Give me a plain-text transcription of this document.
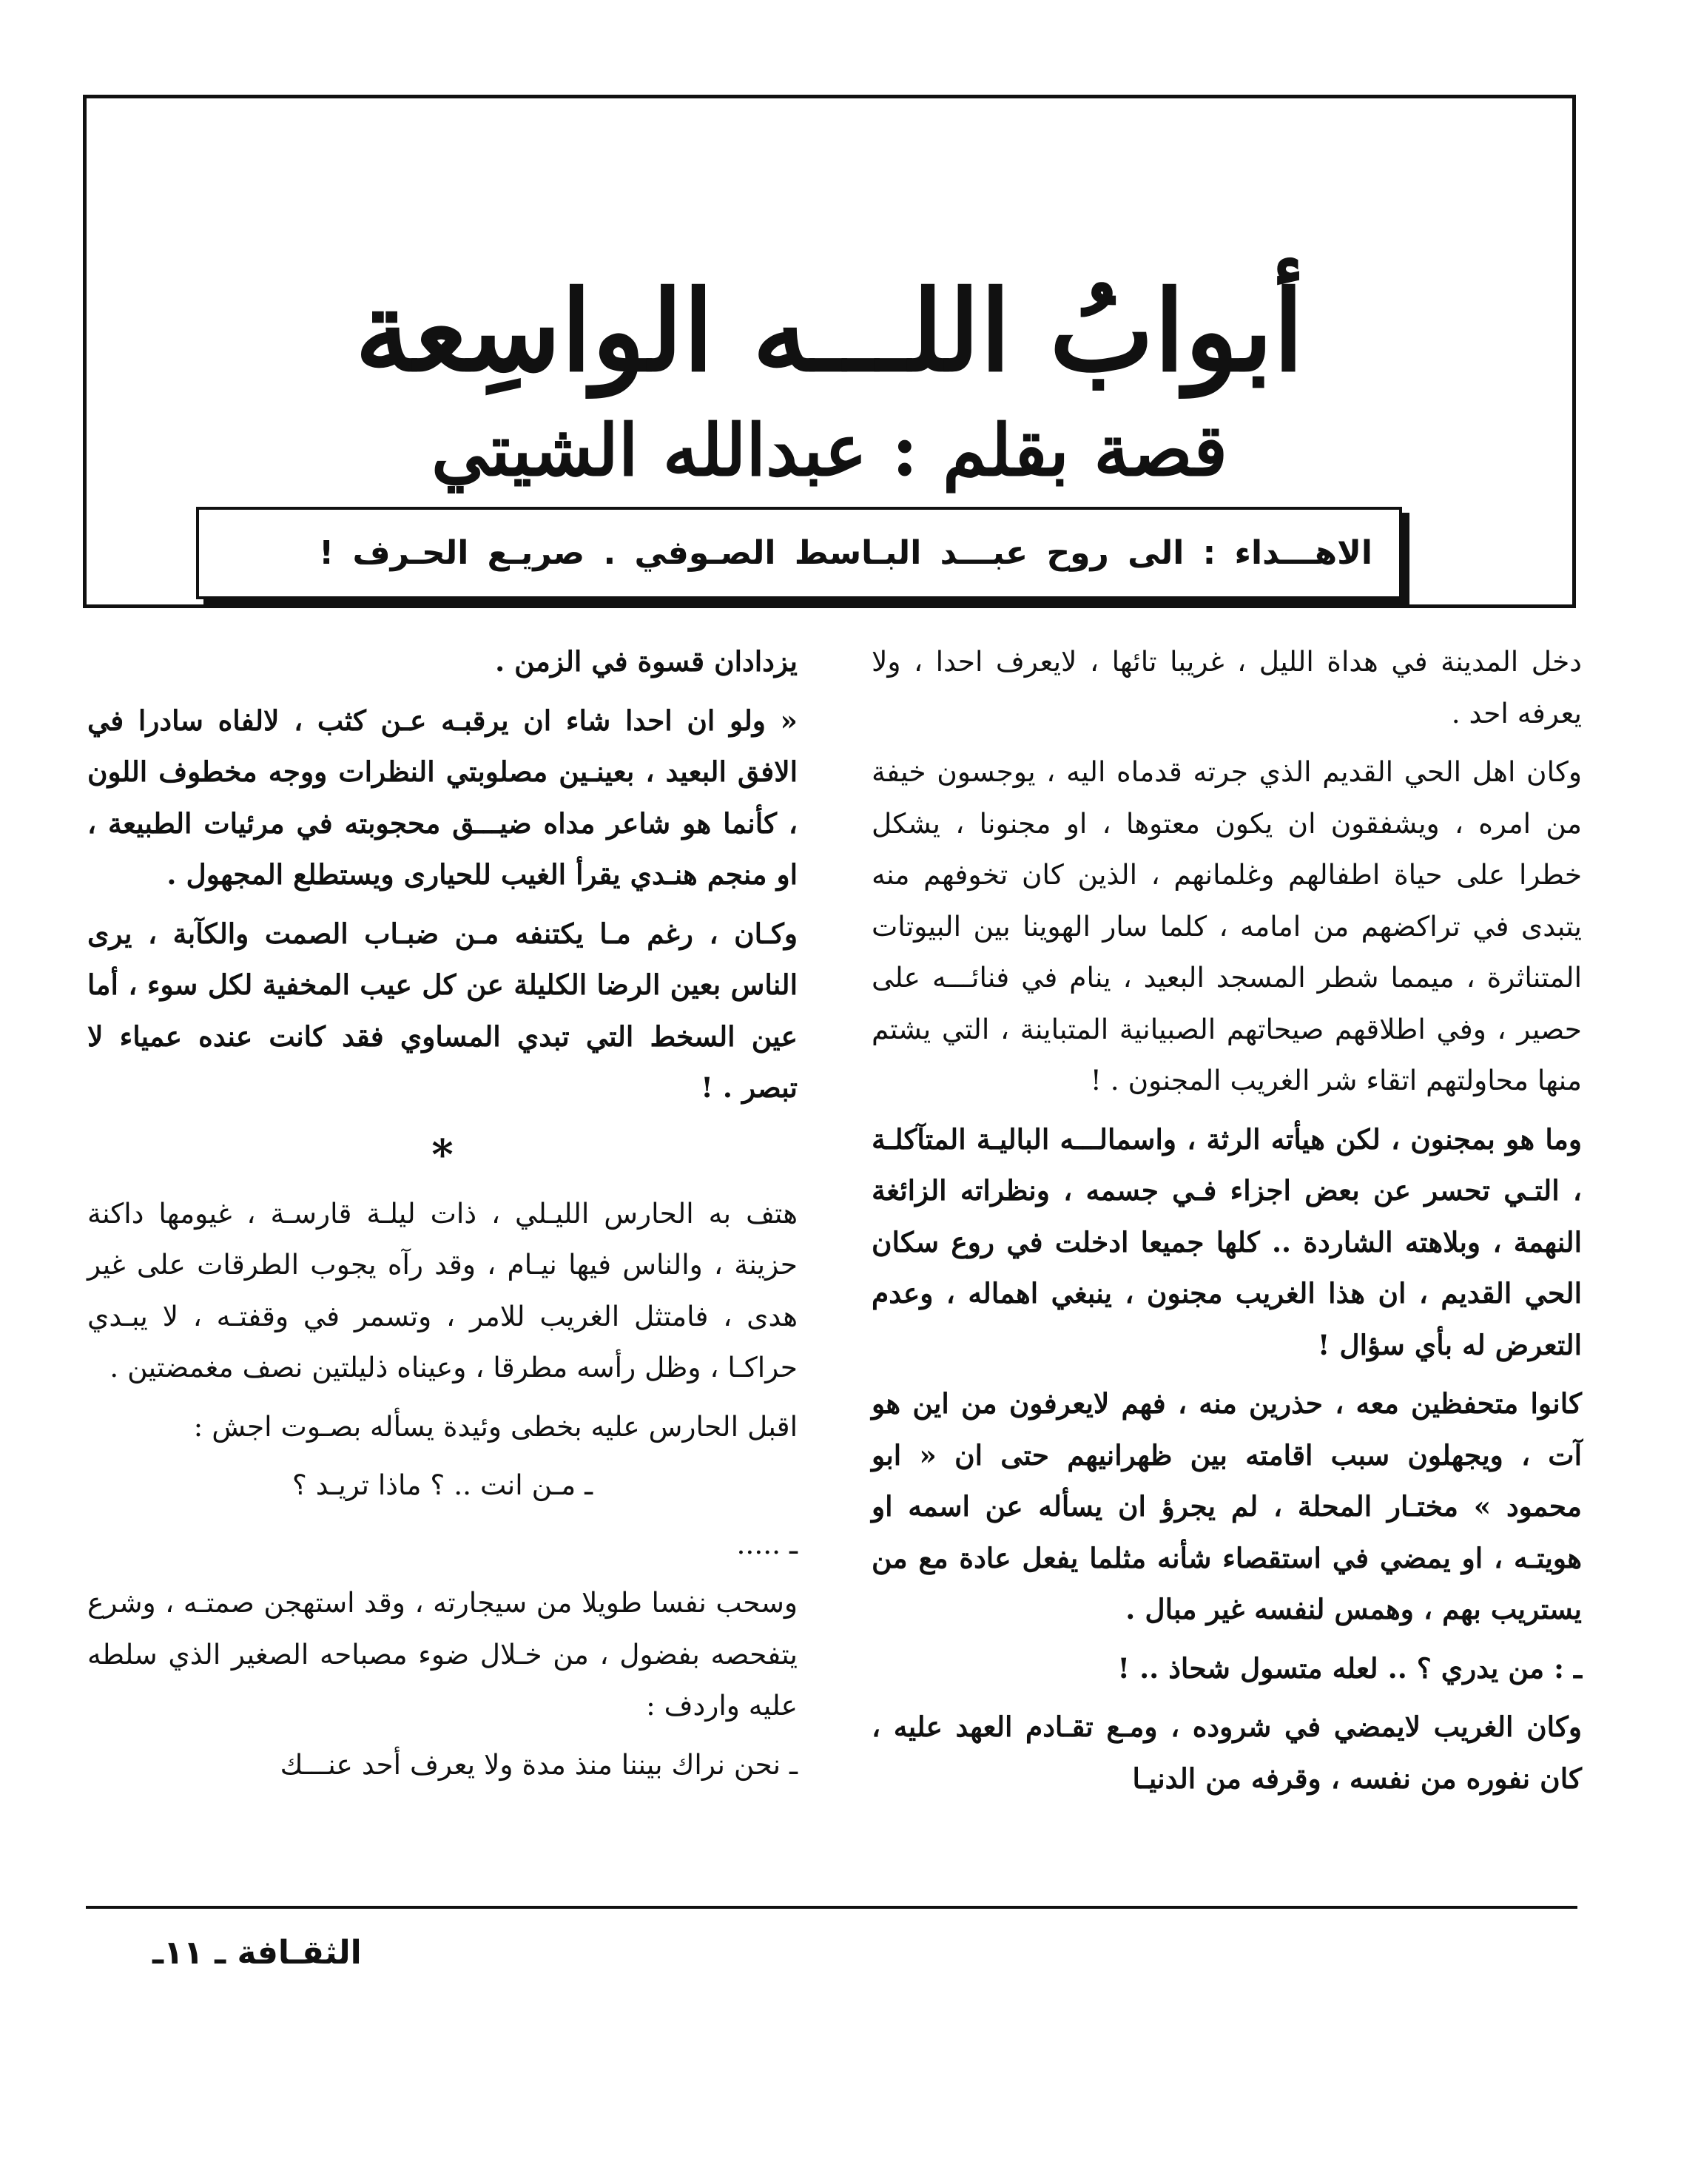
أبوابُ اللـــه الواسِعة
قصة بقلم : عبدالله الشيتي
الاهـــداء : الى روح عبـــد البـاسط الصـوفي . صريـع الحـرف !

دخل المدينة في هداة الليل ، غريبا تائها ، لايعرف احدا ، ولا يعرفه احد .

وكان اهل الحي القديم الذي جرته قدماه اليه ، يوجسون خيفة من امره ، ويشفقون ان يكون معتوها ، او مجنونا ، يشكل خطرا على حياة اطفالهم وغلمانهم ، الذين كان تخوفهم منه يتبدى في تراكضهم من امامه ، كلما سار الهوينا بين البيوتات المتناثرة ، ميمما شطر المسجد البعيد ، ينام في فنائـــه على حصير ، وفي اطلاقهم صيحاتهم الصبيانية المتباينة ، التي يشتم منها محاولتهم اتقاء شر الغريب المجنون . !

وما هو بمجنون ، لكن هيأته الرثة ، واسمالـــه الباليـة المتآكلـة ، التـي تحسر عن بعض اجزاء فـي جسمه ، ونظراته الزائغة النهمة ، وبلاهته الشاردة .. كلها جميعا ادخلت في روع سكان الحي القديم ، ان هذا الغريب مجنون ، ينبغي اهماله ، وعدم التعرض له بأي سؤال !

كانوا متحفظين معه ، حذرين منه ، فهم لايعرفون من اين هو آت ، ويجهلون سبب اقامته بين ظهرانيهم حتى ان « ابو محمود » مختـار المحلة ، لم يجرؤ ان يسأله عن اسمه او هويتـه ، او يمضي في استقصاء شأنه مثلما يفعل عادة مع من يستريب بهم ، وهمس لنفسه غير مبال .

ـ : من يدري ؟ .. لعله متسول شحاذ .. !

وكان الغريب لايمضي في شروده ، ومـع تقـادم العهد عليه ، كان نفوره من نفسه ، وقرفه من الدنيـا

يزدادان قسوة في الزمن .

« ولو ان احدا شاء ان يرقبـه عـن كثب ، لالفاه سادرا في الافق البعيد ، بعينـين مصلوبتي النظرات ووجه مخطوف اللون ، كأنما هو شاعر مداه ضيـــق محجوبته في مرئيات الطبيعة ، او منجم هنـدي يقرأ الغيب للحيارى ويستطلع المجهول .

وكـان ، رغم مـا يكتنفه مـن ضبـاب الصمت والكآبة ، يرى الناس بعين الرضا الكليلة عن كل عيب المخفية لكل سوء ، أما عين السخط التي تبدي المساوي فقد كانت عنده عمياء لا تبصر . !

*

هتف به الحارس الليـلي ، ذات ليلـة قارسـة ، غيومها داكنة حزينة ، والناس فيها نيـام ، وقد رآه يجوب الطرقات على غير هدى ، فامتثل الغريب للامر ، وتسمر في وقفتـه ، لا يبـدي حراكـا ، وظل رأسه مطرقا ، وعيناه ذليلتين نصف مغمضتين .

اقبل الحارس عليه بخطى وئيدة يسأله بصـوت اجش :

ـ مـن انت .. ؟ ماذا تريـد ؟

ـ .....

وسحب نفسا طويلا من سيجارته ، وقد استهجن صمتـه ، وشرع يتفحصه بفضول ، من خـلال ضوء مصباحه الصغير الذي سلطه عليه واردف :

ـ نحن نراك بيننا منذ مدة ولا يعرف أحد عنـــك

الثقـافة ـ ١١ـ
